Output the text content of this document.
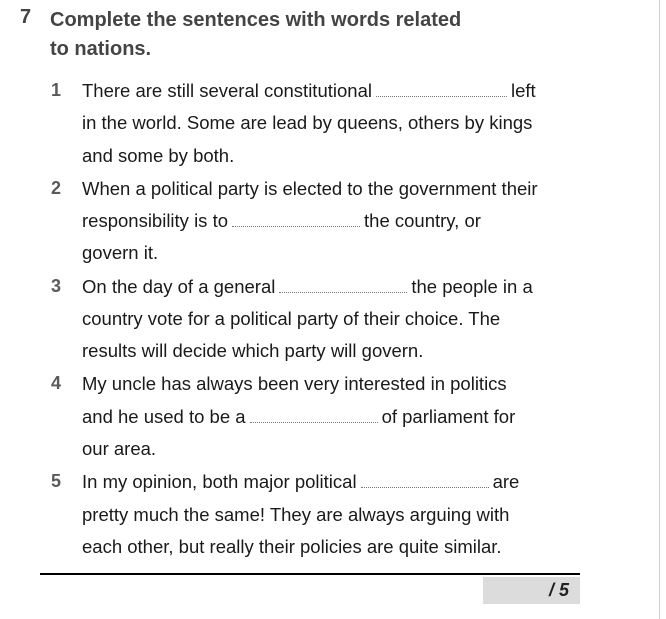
7 Complete the sentences with words related
to nations.
1 There are still several constitutional	left
in the world. Some are lead by queens, others by kings
and some by both.
2 When a political party is elected to the government their
responsibility is to	the country, or
govern it.
3 On the day of a general	the people in a
country vote for a political party of their choice. The
results will decide which party will govern.
4 My uncle has always been very interested in politics
and he used to be a	of parliament for
our area.
5 In my opinion, both major political	are
pretty much the same! They are always arguing with
each other, but really their policies are quite similar.
/ 5
